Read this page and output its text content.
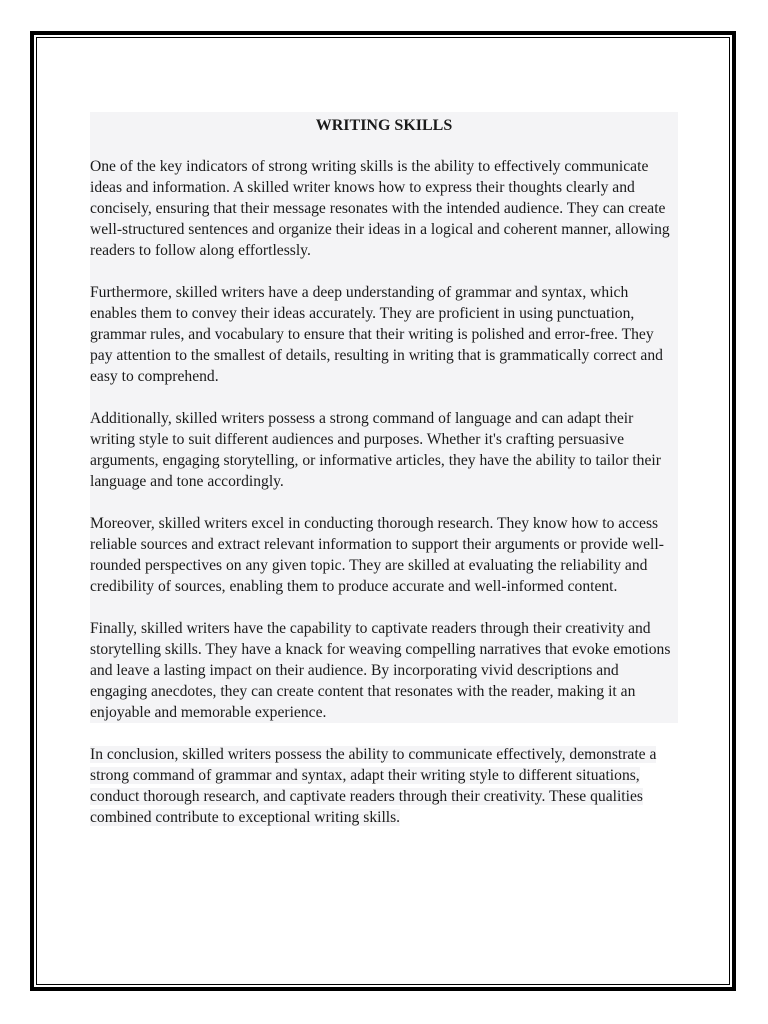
WRITING SKILLS

One of the key indicators of strong writing skills is the ability to effectively communicate ideas and information. A skilled writer knows how to express their thoughts clearly and concisely, ensuring that their message resonates with the intended audience. They can create well-structured sentences and organize their ideas in a logical and coherent manner, allowing readers to follow along effortlessly.

Furthermore, skilled writers have a deep understanding of grammar and syntax, which enables them to convey their ideas accurately. They are proficient in using punctuation, grammar rules, and vocabulary to ensure that their writing is polished and error-free. They pay attention to the smallest of details, resulting in writing that is grammatically correct and easy to comprehend.

Additionally, skilled writers possess a strong command of language and can adapt their writing style to suit different audiences and purposes. Whether it's crafting persuasive arguments, engaging storytelling, or informative articles, they have the ability to tailor their language and tone accordingly.

Moreover, skilled writers excel in conducting thorough research. They know how to access reliable sources and extract relevant information to support their arguments or provide well-rounded perspectives on any given topic. They are skilled at evaluating the reliability and credibility of sources, enabling them to produce accurate and well-informed content.

Finally, skilled writers have the capability to captivate readers through their creativity and storytelling skills. They have a knack for weaving compelling narratives that evoke emotions and leave a lasting impact on their audience. By incorporating vivid descriptions and engaging anecdotes, they can create content that resonates with the reader, making it an enjoyable and memorable experience.

In conclusion, skilled writers possess the ability to communicate effectively, demonstrate a strong command of grammar and syntax, adapt their writing style to different situations, conduct thorough research, and captivate readers through their creativity. These qualities combined contribute to exceptional writing skills.
